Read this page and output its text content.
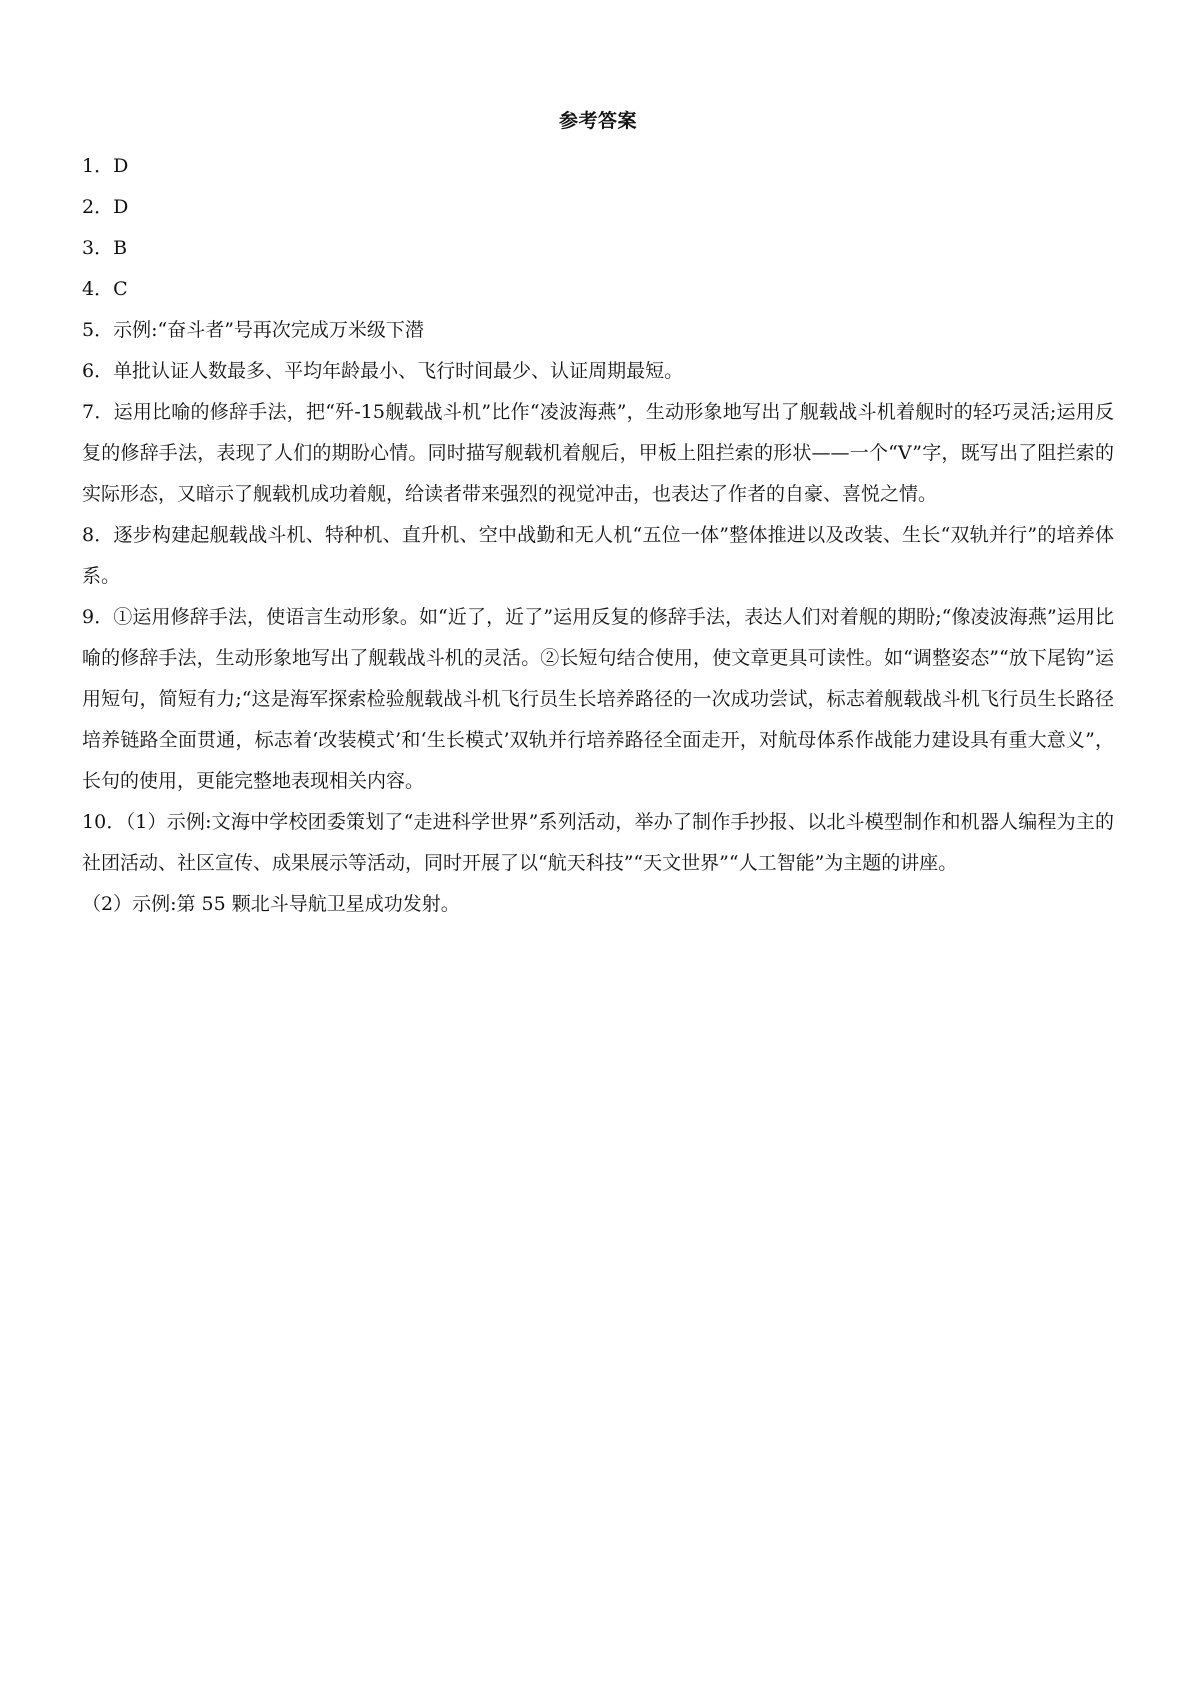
参考答案

1．D

2．D

3．B

4．C

5．示例:“奋斗者”号再次完成万米级下潜

6．单批认证人数最多、平均年龄最小、飞行时间最少、认证周期最短。

7．运用比喻的修辞手法，把“歼-15舰载战斗机”比作“凌波海燕”，生动形象地写出了舰载战斗机着舰时的轻巧灵活;运用反复的修辞手法，表现了人们的期盼心情。同时描写舰载机着舰后，甲板上阻拦索的形状——一个“V”字，既写出了阻拦索的实际形态，又暗示了舰载机成功着舰，给读者带来强烈的视觉冲击，也表达了作者的自豪、喜悦之情。

8．逐步构建起舰载战斗机、特种机、直升机、空中战勤和无人机“五位一体”整体推进以及改装、生长“双轨并行”的培养体系。

9．①运用修辞手法，使语言生动形象。如“近了，近了”运用反复的修辞手法，表达人们对着舰的期盼;“像凌波海燕”运用比喻的修辞手法，生动形象地写出了舰载战斗机的灵活。②长短句结合使用，使文章更具可读性。如“调整姿态”“放下尾钩”运用短句，简短有力;“这是海军探索检验舰载战斗机飞行员生长培养路径的一次成功尝试，标志着舰载战斗机飞行员生长路径培养链路全面贯通，标志着‘改装模式’和‘生长模式’双轨并行培养路径全面走开，对航母体系作战能力建设具有重大意义”，长句的使用，更能完整地表现相关内容。

10．（1）示例:文海中学校团委策划了“走进科学世界”系列活动，举办了制作手抄报、以北斗模型制作和机器人编程为主的社团活动、社区宣传、成果展示等活动，同时开展了以“航天科技”“天文世界”“人工智能”为主题的讲座。

（2）示例:第 55 颗北斗导航卫星成功发射。
